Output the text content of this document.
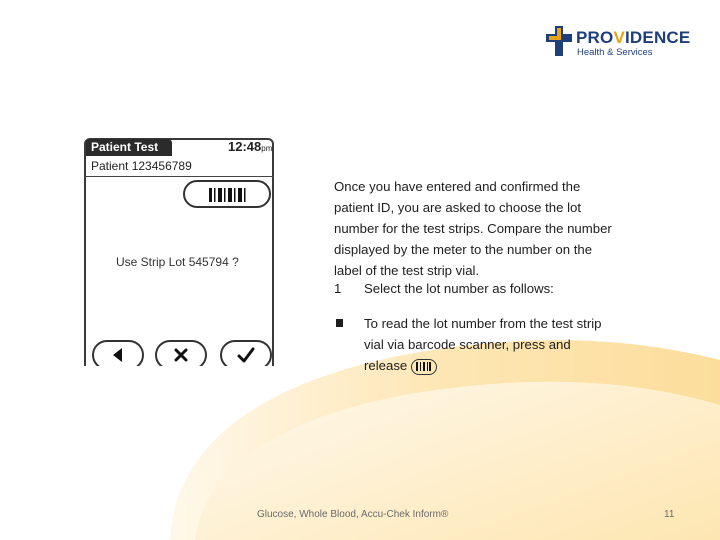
PROVIDENCE
Health & Services
Patient Test	12:48pm
Patient 123456789
Use Strip Lot 545794 ?

Once you have entered and confirmed the patient ID, you are asked to choose the lot number for the test strips. Compare the number displayed by the meter to the number on the label of the test strip vial.

1 Select the lot number as follows:
To read the lot number from the test strip vial via barcode scanner, press and release
Glucose, Whole Blood, Accu-Chek Inform®	11
